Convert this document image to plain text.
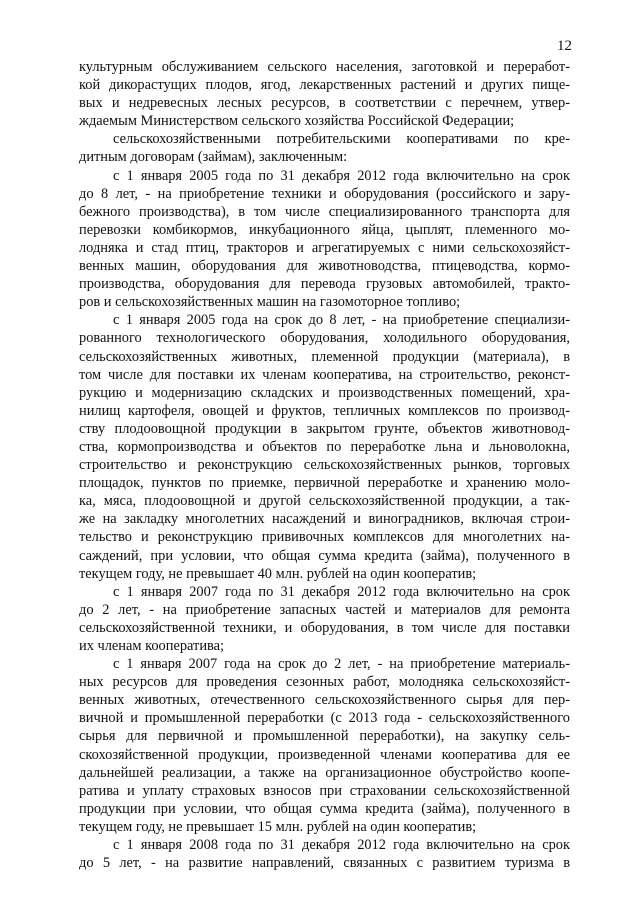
12

культурным обслуживанием сельского населения, заготовкой и переработ-

кой дикорастущих плодов, ягод, лекарственных растений и других пище-

вых и недревесных лесных ресурсов, в соответствии с перечнем, утвер-

ждаемым Министерством сельского хозяйства Российской Федерации;

сельскохозяйственными потребительскими кооперативами по кре-

дитным договорам (займам), заключенным:

с 1 января 2005 года по 31 декабря 2012 года включительно на срок

до 8 лет, - на приобретение техники и оборудования (российского и зару-

бежного производства), в том числе специализированного транспорта для

перевозки комбикормов, инкубационного яйца, цыплят, племенного мо-

лодняка и стад птиц, тракторов и агрегатируемых с ними сельскохозяйст-

венных машин, оборудования для животноводства, птицеводства, кормо-

производства, оборудования для перевода грузовых автомобилей, тракто-

ров и сельскохозяйственных машин на газомоторное топливо;

с 1 января 2005 года на срок до 8 лет, - на приобретение специализи-

рованного технологического оборудования, холодильного оборудования,

сельскохозяйственных животных, племенной продукции (материала), в

том числе для поставки их членам кооператива, на строительство, реконст-

рукцию и модернизацию складских и производственных помещений, хра-

нилищ картофеля, овощей и фруктов, тепличных комплексов по производ-

ству плодоовощной продукции в закрытом грунте, объектов животновод-

ства, кормопроизводства и объектов по переработке льна и льноволокна,

строительство и реконструкцию сельскохозяйственных рынков, торговых

площадок, пунктов по приемке, первичной переработке и хранению моло-

ка, мяса, плодоовощной и другой сельскохозяйственной продукции, а так-

же на закладку многолетних насаждений и виноградников, включая строи-

тельство и реконструкцию прививочных комплексов для многолетних на-

саждений, при условии, что общая сумма кредита (займа), полученного в

текущем году, не превышает 40 млн. рублей на один кооператив;

с 1 января 2007 года по 31 декабря 2012 года включительно на срок

до 2 лет, - на приобретение запасных частей и материалов для ремонта

сельскохозяйственной техники, и оборудования, в том числе для поставки

их членам кооператива;

с 1 января 2007 года на срок до 2 лет, - на приобретение материаль-

ных ресурсов для проведения сезонных работ, молодняка сельскохозяйст-

венных животных, отечественного сельскохозяйственного сырья для пер-

вичной и промышленной переработки (с 2013 года - сельскохозяйственного

сырья для первичной и промышленной переработки), на закупку сель-

скохозяйственной продукции, произведенной членами кооператива для ее

дальнейшей реализации, а также на организационное обустройство коопе-

ратива и уплату страховых взносов при страховании сельскохозяйственной

продукции при условии, что общая сумма кредита (займа), полученного в

текущем году, не превышает 15 млн. рублей на один кооператив;

с 1 января 2008 года по 31 декабря 2012 года включительно на срок

до 5 лет, - на развитие направлений, связанных с развитием туризма в
